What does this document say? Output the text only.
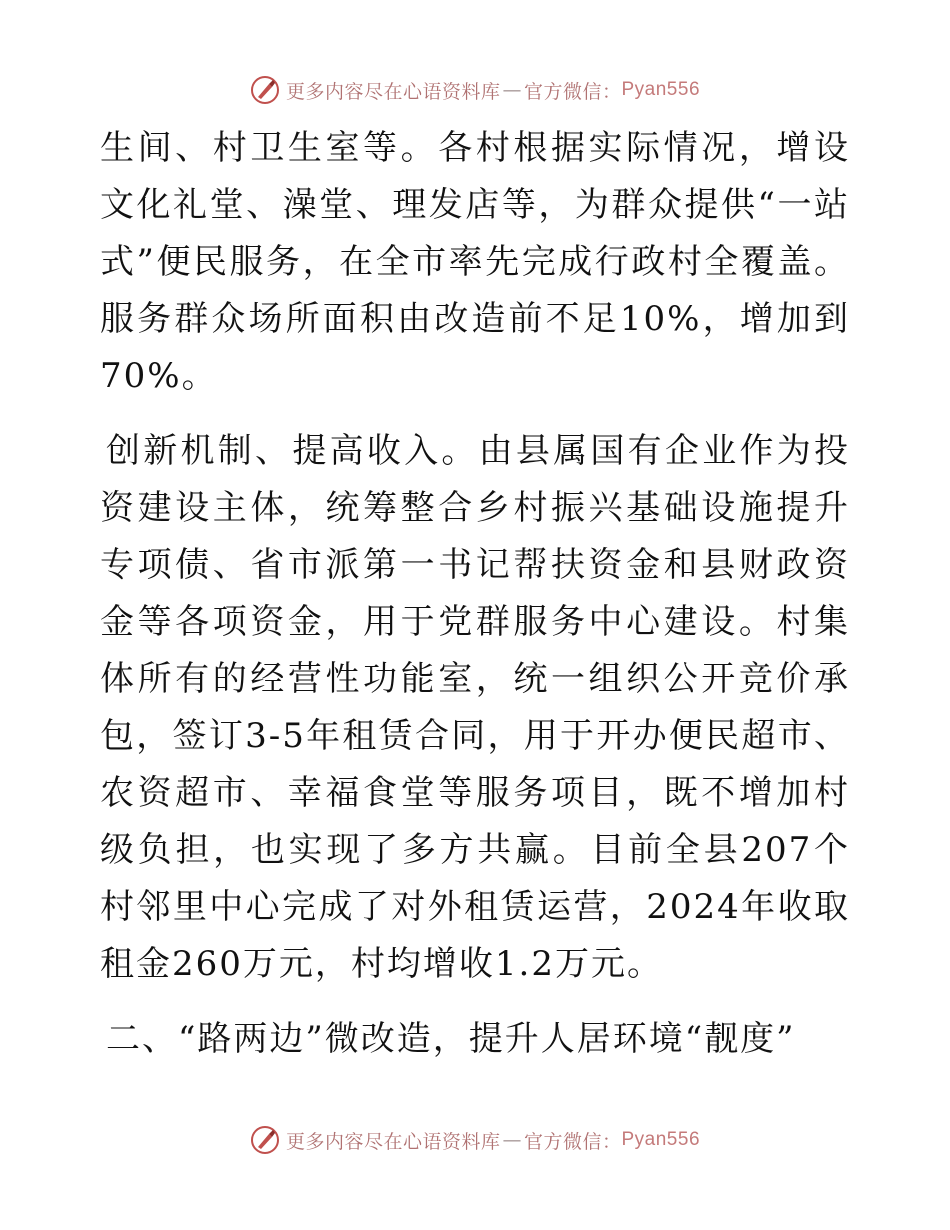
更多内容尽在心语资料库 — 官方微信： Pyan556

生间、村卫生室等。各村根据实际情况，增设文化礼堂、澡堂、理发店等，为群众提供“一站式”便民服务，在全市率先完成行政村全覆盖。服务群众场所面积由改造前不足10%，增加到70%。

创新机制、提高收入。由县属国有企业作为投资建设主体，统筹整合乡村振兴基础设施提升专项债、省市派第一书记帮扶资金和县财政资金等各项资金，用于党群服务中心建设。村集体所有的经营性功能室，统一组织公开竞价承包，签订3-5年租赁合同，用于开办便民超市、农资超市、幸福食堂等服务项目，既不增加村级负担，也实现了多方共赢。目前全县207个村邻里中心完成了对外租赁运营，2024年收取租金260万元，村均增收1.2万元。

二、“路两边”微改造，提升人居环境“靓度”

更多内容尽在心语资料库 — 官方微信： Pyan556
